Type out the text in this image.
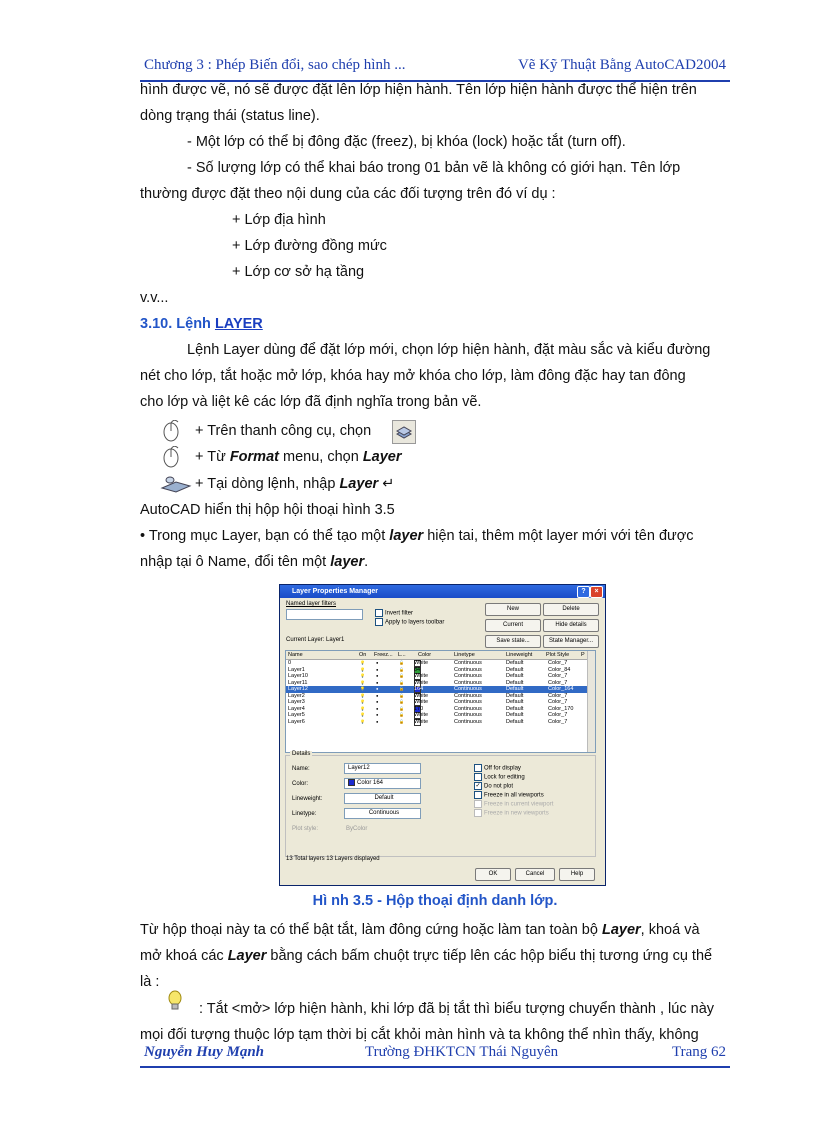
Chương 3 : Phép Biến đổi, sao chép hình ...	Vẽ Kỹ Thuật Bằng AutoCAD2004
hình được vẽ, nó sẽ được đặt lên lớp hiện hành. Tên lớp hiện hành được thể hiện trên
dòng trạng thái (status line).
- Một lớp có thể bị đông đặc (freez), bị khóa (lock) hoặc tắt (turn off).
- Số lượng lớp có thể khai báo trong 01 bản vẽ là không có giới hạn. Tên lớp
thường được đặt theo nội dung của các đối tượng trên đó ví dụ :
+ Lớp địa hình
+ Lớp đường đồng mức
+ Lớp cơ sở hạ tầng
v.v...
3.10. Lệnh LAYER
Lệnh Layer dùng để đặt lớp mới, chọn lớp hiện hành, đặt màu sắc và kiểu đường
nét cho lớp, tắt hoặc mở lớp, khóa hay mở khóa cho lớp, làm đông đặc hay tan đông
cho lớp và liệt kê các lớp đã định nghĩa trong bản vẽ.
+ Trên thanh công cụ, chọn
+ Từ Format menu, chọn Layer
+ Tại dòng lệnh, nhập Layer ↵
AutoCAD hiển thị hộp hội thoại hình 3.5
• Trong mục Layer, bạn có thể tạo một layer hiện tai, thêm một layer mới với tên được
nhập tại ô Name, đổi tên một layer.
Layer Properties Manager	?	×
Named layer filters
Invert filter
Apply to layers toolbar
New	Delete
Current	Hide details
Save state...	State Manager...
Current Layer: Layer1
Name	On Freez... L... Color	Linetype	Lineweight Plot Style P
0	💡	●	🔓 White	Continuous	Default	Color_7
Layer1	💡	●	🔓 84	Continuous	Default	Color_84
Layer10	💡	●	🔓 White	Continuous	Default	Color_7
Layer11	💡	●	🔓 White	Continuous	Default	Color_7
Layer12	💡	●	🔓 164	Continuous	Default	Color_164
Layer2	💡	●	🔓 White	Continuous	Default	Color_7
Layer3	💡	●	🔓 White	Continuous	Default	Color_7
Layer4	💡	●	🔓 170	Continuous	Default	Color_170
Layer5	💡	●	🔓 White	Continuous	Default	Color_7
Layer6	💡	●	🔓 White	Continuous	Default	Color_7
Details
Name:	Layer12
Color:	Color 164
Lineweight:	Default
Linetype:	Continuous
Plot style:	ByColor
Off for display
Lock for editing
✓ Do not plot
Freeze in all viewports
Freeze in current viewport
Freeze in new viewports
13 Total layers 13 Layers displayed
OK	Cancel	Help
Hì nh 3.5 - Hộp thoại định danh lớp.
Từ hộp thoại này ta có thể bật tắt, làm đông cứng hoặc làm tan toàn bộ Layer, khoá và
mở khoá các Layer bằng cách bấm chuột trực tiếp lên các hộp biểu thị tương ứng cụ thể
là :
: Tắt <mở> lớp hiện hành, khi lớp đã bị tắt thì biểu tượng chuyển thành , lúc này
mọi đối tượng thuộc lớp tạm thời bị cắt khỏi màn hình và ta không thể nhìn thấy, không
Nguyễn Huy Mạnh	Trường ĐHKTCN Thái Nguyên	Trang 62
